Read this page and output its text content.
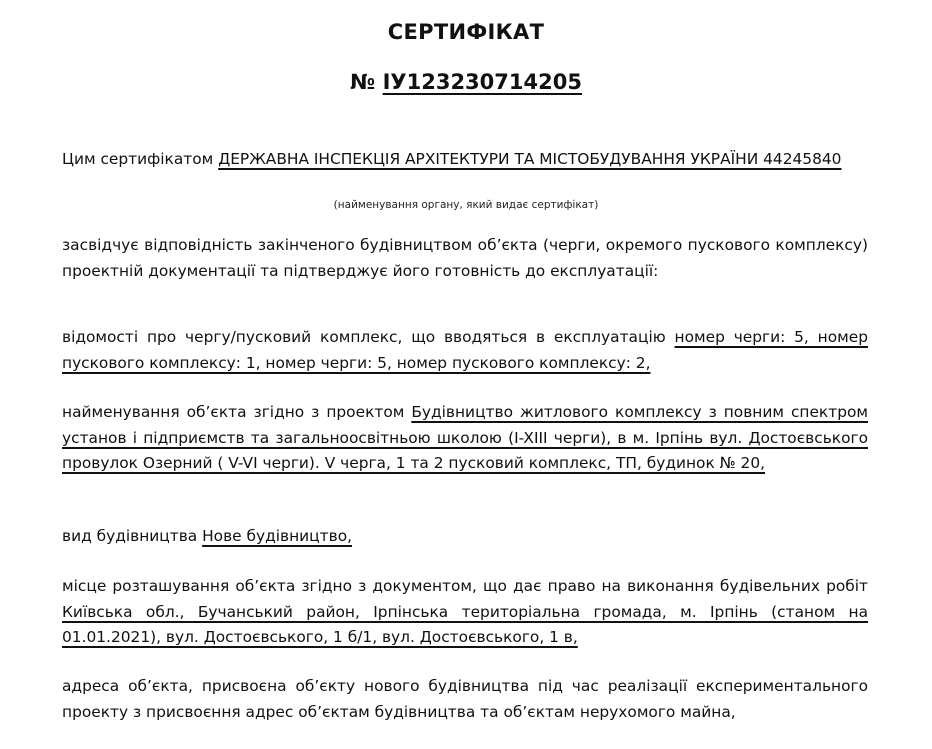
СЕРТИФІКАТ
№ ІУ123230714205
Цим сертифікатом ДЕРЖАВНА ІНСПЕКЦІЯ АРХІТЕКТУРИ ТА МІСТОБУДУВАННЯ УКРАЇНИ 44245840
(найменування органу, який видає сертифікат)
засвідчує відповідність закінченого будівництвом об’єкта (черги, окремого пускового комплексу) проектній документації та підтверджує його готовність до експлуатації:
відомості про чергу/пусковий комплекс, що вводяться в експлуатацію номер черги: 5, номер пускового комплексу: 1, номер черги: 5, номер пускового комплексу: 2,
найменування об’єкта згідно з проектом Будівництво житлового комплексу з повним спектром установ і підприємств та загальноосвітньою школою (I-XIII черги), в м. Ірпінь вул. Достоєвського провулок Озерний ( V-VI черги). V черга, 1 та 2 пусковий комплекс, ТП, будинок № 20,
вид будівництва Нове будівництво,
місце розташування об’єкта згідно з документом, що дає право на виконання будівельних робіт Київська обл., Бучанський район, Ірпінська територіальна громада, м. Ірпінь (станом на 01.01.2021), вул. Достоєвського, 1 б/1, вул. Достоєвського, 1 в,
адреса об’єкта, присвоєна об’єкту нового будівництва під час реалізації експериментального проекту з присвоєння адрес об’єктам будівництва та об’єктам нерухомого майна,
